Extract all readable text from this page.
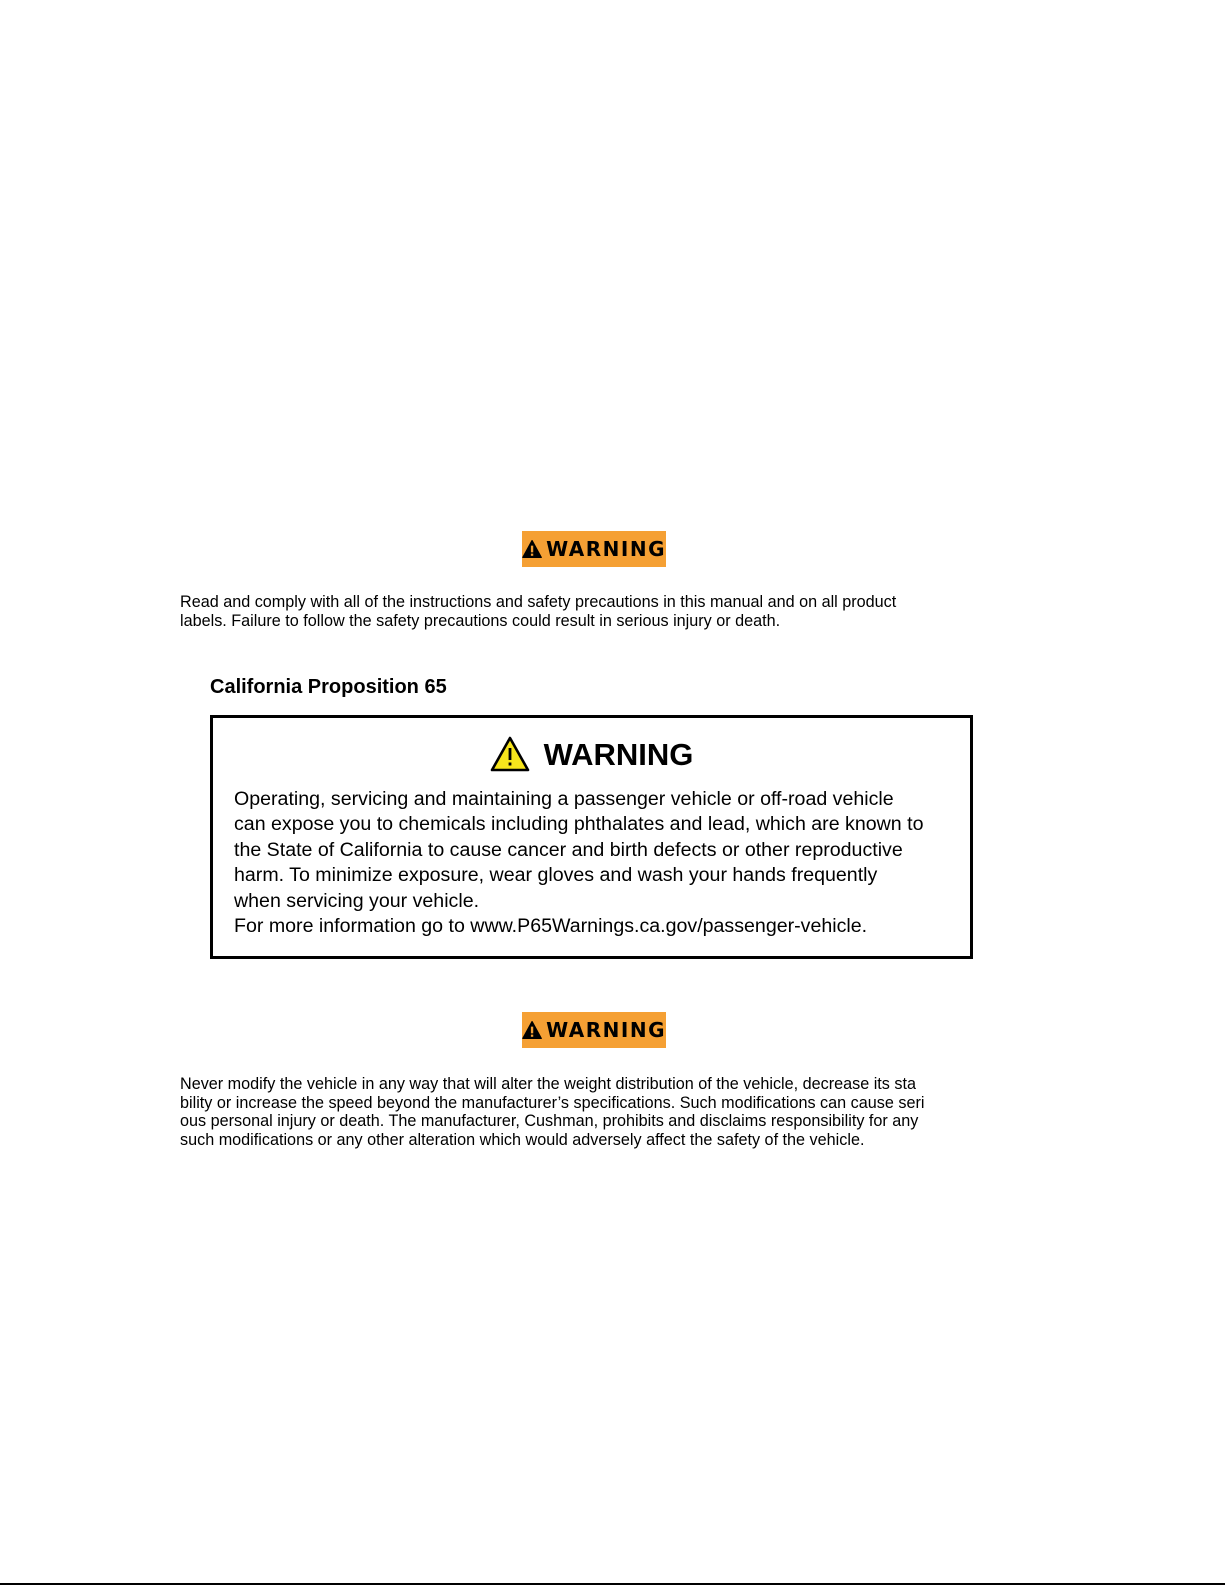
WARNING

Read and comply with all of the instructions and safety precautions in this manual and on all product
labels. Failure to follow the safety precautions could result in serious injury or death.

California Proposition 65
WARNING
Operating, servicing and maintaining a passenger vehicle or off-road vehicle
can expose you to chemicals including phthalates and lead, which are known to
the State of California to cause cancer and birth defects or other reproductive
harm. To minimize exposure, wear gloves and wash your hands frequently
when servicing your vehicle.
For more information go to www.P65Warnings.ca.gov/passenger-vehicle.
WARNING

Never modify the vehicle in any way that will alter the weight distribution of the vehicle, decrease its sta
bility or increase the speed beyond the manufacturer’s specifications. Such modifications can cause seri
ous personal injury or death. The manufacturer, Cushman, prohibits and disclaims responsibility for any
such modifications or any other alteration which would adversely affect the safety of the vehicle.
